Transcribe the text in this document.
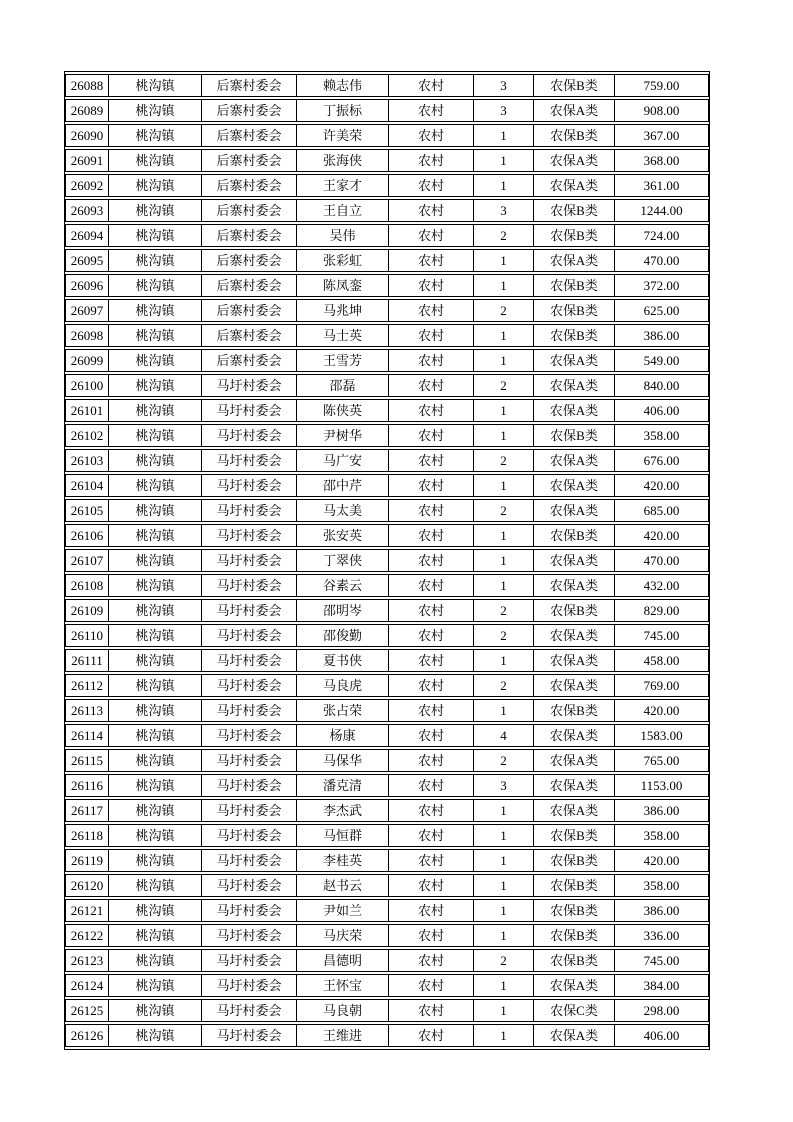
26088	桃沟镇	后寨村委会	赖志伟	农村	3	农保B类	759.00
26089	桃沟镇	后寨村委会	丁振标	农村	3	农保A类	908.00
26090	桃沟镇	后寨村委会	许美荣	农村	1	农保B类	367.00
26091	桃沟镇	后寨村委会	张海侠	农村	1	农保A类	368.00
26092	桃沟镇	后寨村委会	王家才	农村	1	农保A类	361.00
26093	桃沟镇	后寨村委会	王自立	农村	3	农保B类	1244.00
26094	桃沟镇	后寨村委会	吴伟	农村	2	农保B类	724.00
26095	桃沟镇	后寨村委会	张彩虹	农村	1	农保A类	470.00
26096	桃沟镇	后寨村委会	陈凤銮	农村	1	农保B类	372.00
26097	桃沟镇	后寨村委会	马兆坤	农村	2	农保B类	625.00
26098	桃沟镇	后寨村委会	马士英	农村	1	农保B类	386.00
26099	桃沟镇	后寨村委会	王雪芳	农村	1	农保A类	549.00
26100	桃沟镇	马圩村委会	邵磊	农村	2	农保A类	840.00
26101	桃沟镇	马圩村委会	陈侠英	农村	1	农保A类	406.00
26102	桃沟镇	马圩村委会	尹树华	农村	1	农保B类	358.00
26103	桃沟镇	马圩村委会	马广安	农村	2	农保A类	676.00
26104	桃沟镇	马圩村委会	邵中芹	农村	1	农保A类	420.00
26105	桃沟镇	马圩村委会	马太美	农村	2	农保A类	685.00
26106	桃沟镇	马圩村委会	张安英	农村	1	农保B类	420.00
26107	桃沟镇	马圩村委会	丁翠侠	农村	1	农保A类	470.00
26108	桃沟镇	马圩村委会	谷素云	农村	1	农保A类	432.00
26109	桃沟镇	马圩村委会	邵明岑	农村	2	农保B类	829.00
26110	桃沟镇	马圩村委会	邵俊勤	农村	2	农保A类	745.00
26111	桃沟镇	马圩村委会	夏书侠	农村	1	农保A类	458.00
26112	桃沟镇	马圩村委会	马良虎	农村	2	农保A类	769.00
26113	桃沟镇	马圩村委会	张占荣	农村	1	农保B类	420.00
26114	桃沟镇	马圩村委会	杨康	农村	4	农保A类	1583.00
26115	桃沟镇	马圩村委会	马保华	农村	2	农保A类	765.00
26116	桃沟镇	马圩村委会	潘克清	农村	3	农保A类	1153.00
26117	桃沟镇	马圩村委会	李杰武	农村	1	农保A类	386.00
26118	桃沟镇	马圩村委会	马恒群	农村	1	农保B类	358.00
26119	桃沟镇	马圩村委会	李桂英	农村	1	农保B类	420.00
26120	桃沟镇	马圩村委会	赵书云	农村	1	农保B类	358.00
26121	桃沟镇	马圩村委会	尹如兰	农村	1	农保B类	386.00
26122	桃沟镇	马圩村委会	马庆荣	农村	1	农保B类	336.00
26123	桃沟镇	马圩村委会	昌德明	农村	2	农保B类	745.00
26124	桃沟镇	马圩村委会	王怀宝	农村	1	农保A类	384.00
26125	桃沟镇	马圩村委会	马良朝	农村	1	农保C类	298.00
26126	桃沟镇	马圩村委会	王维进	农村	1	农保A类	406.00
